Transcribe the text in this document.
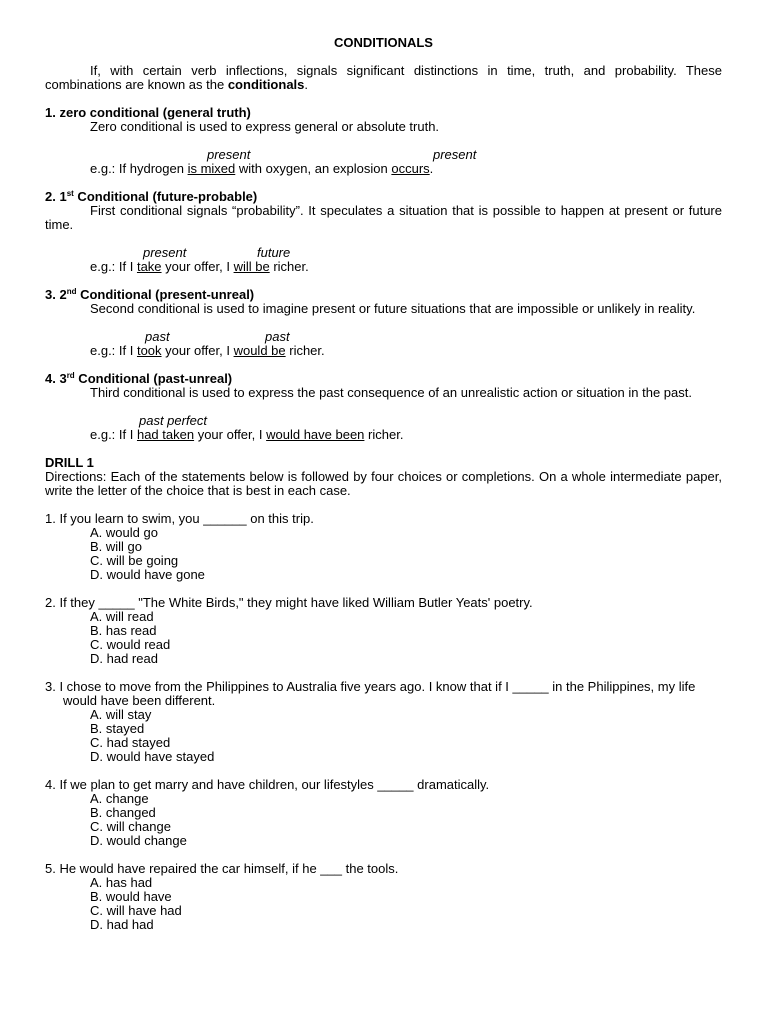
CONDITIONALS
If, with certain verb inflections, signals significant distinctions in time, truth, and probability. These combinations are known as the conditionals.
1. zero conditional (general truth)
Zero conditional is used to express general or absolute truth.
present	present
e.g.: If hydrogen is mixed with oxygen, an explosion occurs.
2. 1st Conditional (future-probable)
First conditional signals “probability”. It speculates a situation that is possible to happen at present or future time.
present	future
e.g.: If I take your offer, I will be richer.
3. 2nd Conditional (present-unreal)
Second conditional is used to imagine present or future situations that are impossible or unlikely in reality.
past	past
e.g.: If I took your offer, I would be richer.
4. 3rd Conditional (past-unreal)
Third conditional is used to express the past consequence of an unrealistic action or situation in the past.
past perfect
e.g.: If I had taken your offer, I would have been richer.
DRILL 1
Directions: Each of the statements below is followed by four choices or completions. On a whole intermediate paper, write the letter of the choice that is best in each case.
1. If you learn to swim, you ______ on this trip.
A. would go
B. will go
C. will be going
D. would have gone
2. If they _____ "The White Birds," they might have liked William Butler Yeats' poetry.
A. will read
B. has read
C. would read
D. had read
3. I chose to move from the Philippines to Australia five years ago. I know that if I _____ in the Philippines, my life would have been different.
A. will stay
B. stayed
C. had stayed
D. would have stayed
4. If we plan to get marry and have children, our lifestyles _____ dramatically.
A. change
B. changed
C. will change
D. would change
5. He would have repaired the car himself, if he ___ the tools.
A. has had
B. would have
C. will have had
D. had had
